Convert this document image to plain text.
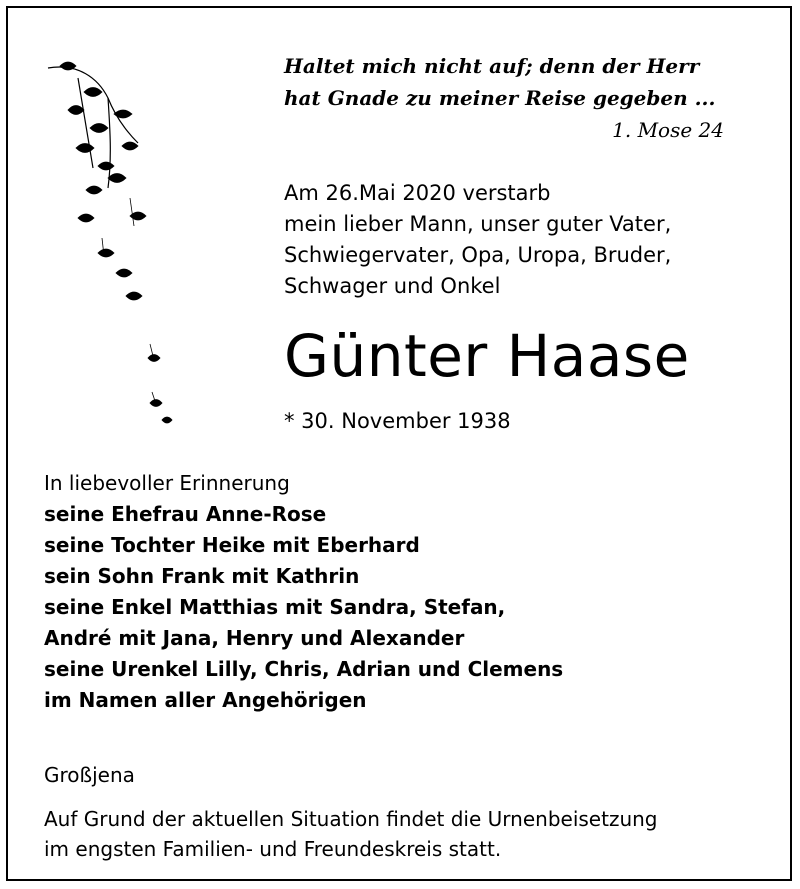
Haltet mich nicht auf; denn der Herr
hat Gnade zu meiner Reise gegeben ...

1. Mose 24
Am 26.Mai 2020 verstarb
mein lieber Mann, unser guter Vater,
Schwiegervater, Opa, Uropa, Bruder,
Schwager und Onkel
Günter Haase
* 30. November 1938
In liebevoller Erinnerung
seine Ehefrau Anne-Rose
seine Tochter Heike mit Eberhard
sein Sohn Frank mit Kathrin
seine Enkel Matthias mit Sandra, Stefan,
André mit Jana, Henry und Alexander
seine Urenkel Lilly, Chris, Adrian und Clemens
im Namen aller Angehörigen
Großjena
Auf Grund der aktuellen Situation findet die Urnenbeisetzung
im engsten Familien- und Freundeskreis statt.
